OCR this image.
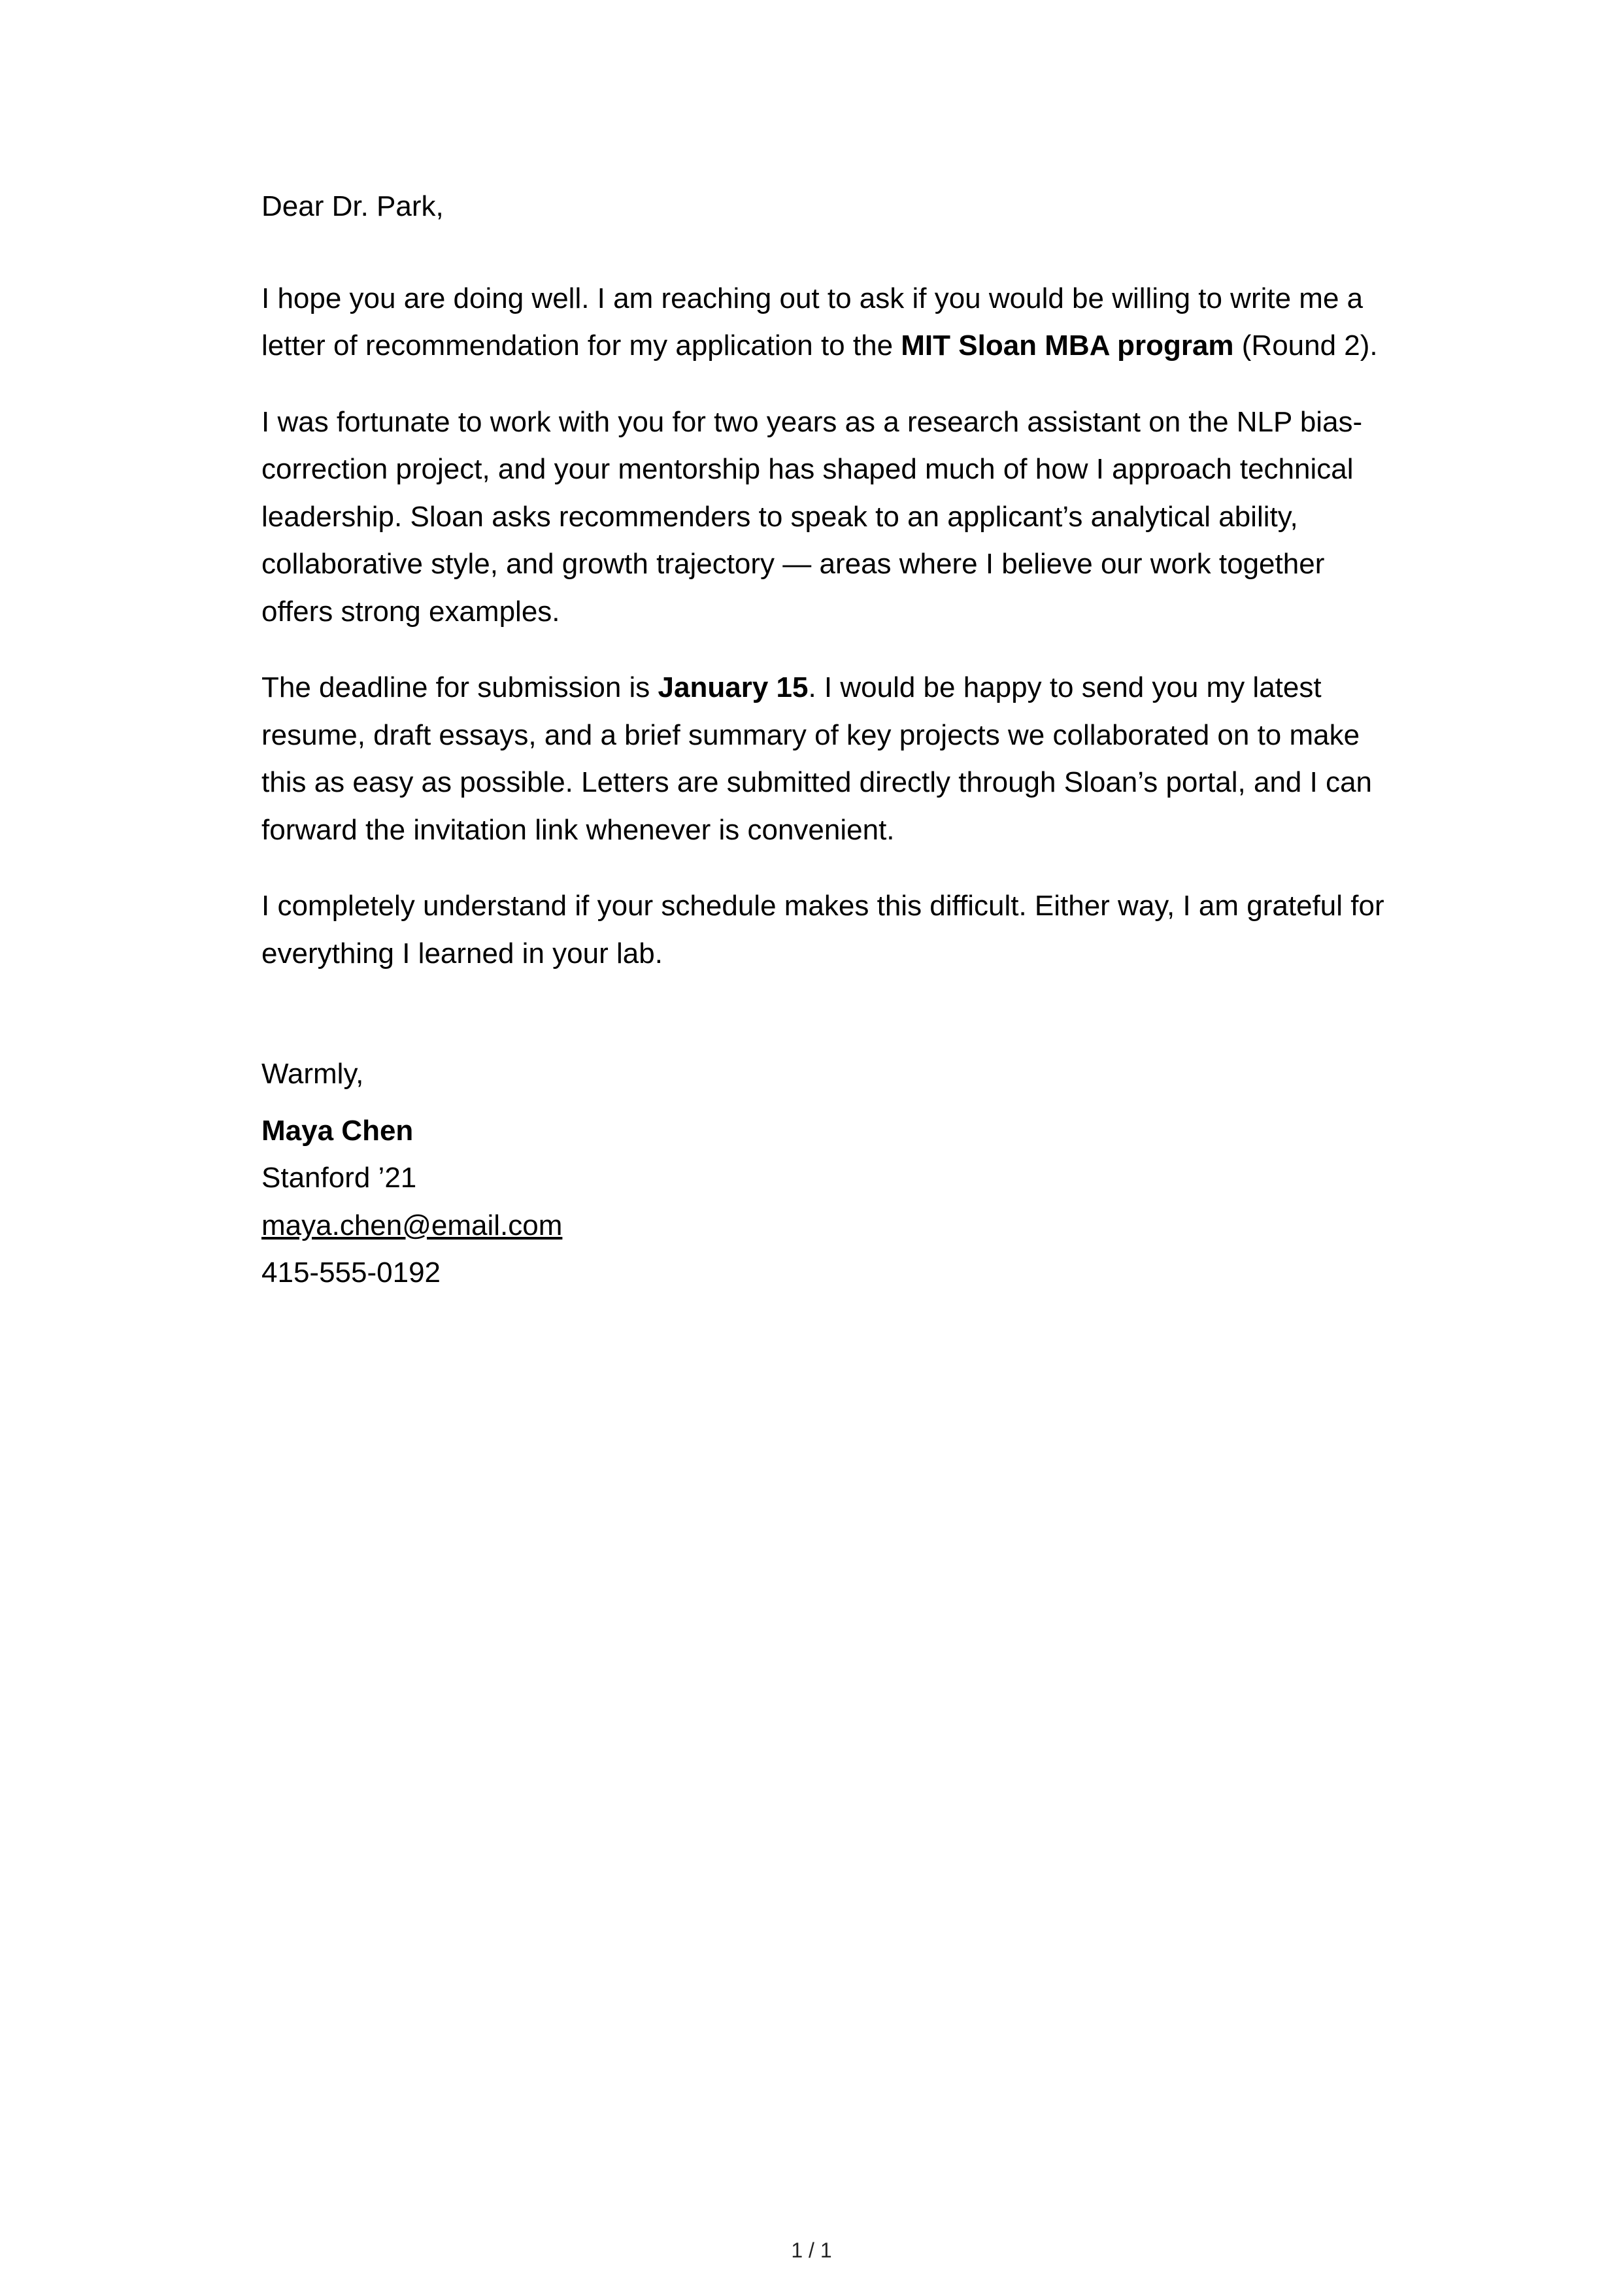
Dear Dr. Park,

I hope you are doing well. I am reaching out to ask if you would be willing to write me a letter of recommendation for my application to the MIT Sloan MBA program (Round 2).

I was fortunate to work with you for two years as a research assistant on the NLP bias-correction project, and your mentorship has shaped much of how I approach technical leadership. Sloan asks recommenders to speak to an applicant’s analytical ability, collaborative style, and growth trajectory — areas where I believe our work together offers strong examples.

The deadline for submission is January 15. I would be happy to send you my latest resume, draft essays, and a brief summary of key projects we collaborated on to make this as easy as possible. Letters are submitted directly through Sloan’s portal, and I can forward the invitation link whenever is convenient.

I completely understand if your schedule makes this difficult. Either way, I am grateful for everything I learned in your lab.

Warmly,

Maya Chen

Stanford ’21

maya.chen@email.com

415-555-0192

1 / 1
